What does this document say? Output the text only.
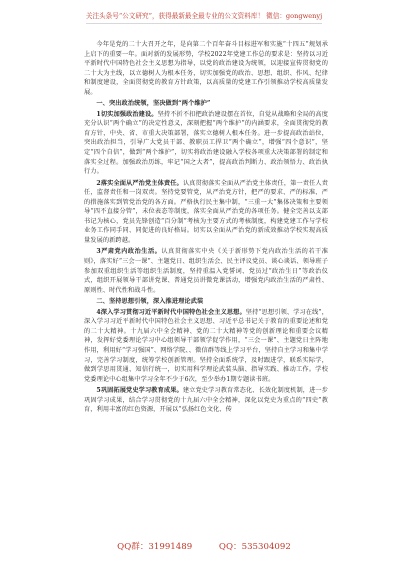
关注头条号“公文研究”，获得最新最全最专业的公文资料库！ 微信：gongwenyj

今年是党的二十大召开之年，是向第二个百年奋斗目标进军和实施“十四五”规划承上启下的重要一年。面对新的发展形势，学校2022年党建工作总的要求是：坚持以习近平新时代中国特色社会主义思想为指导，以党的政治建设为统领，以迎接宣传贯彻党的二十大为主线，以立德树人为根本任务，切实加强党的政治、思想、组织、作风、纪律和制度建设，全面贯彻党的教育方针政策，以高质量的党建工作引领推动学校高质量发展。

一、突出政治统领，坚决做到“两个维护”

1切实加强政治建设。坚持不折不扣把政治建设摆在首位，自觉从战略和全局的高度充分认识“两个确立”的决定性意义，深刻把握“两个维护”的内涵要求，全面贯彻党的教育方针，中央、省、市重大决策部署，落实立德树人根本任务。进一步提高政治站位，突出政治担当，引导广大党员干部、教职员工捍卫“两个确立”，增强“四个意识”，坚定“四个自信”，做到“两个维护”，切实将政治建设融入学校各项重大决策部署的制定和落实全过程。加强政治历练，牢记“国之大者”，提高政治判断力、政治领悟力、政治执行力。

2落实全面从严治党主体责任。认真贯彻落实全面从严治党主体责任，第一责任人责任，监督责任和一岗双责。坚持党要管党，从严治党方针，把严的要求、严的标准、严的措施落实到管党治党的各方面。严格执行民主集中制，“三重一大”集体决策和主要领导“四不直接分管”，未位表态等制度，落实全面从严治党的各项任务。健全完善以支部书记为核心，党员先锋创造“百分制”考核为主要方式的考核制度，构建党建工作与学校业务工作同手同、同促进的良好格局。切实以全面从严治党的新成效推动学校实现高质量发展的新跨越。

3严肃党内政治生活。认真贯彻落实中央《关于新形势下党内政治生活的若干准则》，落实好“三会一课”、主题党日、组织生活会、民主评议党员、谈心谈话、领导班子参加双重组织生活等组织生活制度，坚持重温入党誓词、党员过“政治生日”等政治仪式，组织开展领导干部讲党课、普通党员讲微党课活动，增强党内政治生活的严肃性、原则性、时代性和战斗性。

二、坚持思想引领，深入推进理论武装

4深入学习贯彻习近平新时代中国特色社会主义思想。坚持“思想引领、学习在线”，深入学习习近平新时代中国特色社会主义思想、习近平总书记关于教育的重要论述和党的二十大精神。十九届六中全会精神、党的二十大精神等党的创新理论和重要会议精神，发挥好党委理论学习中心组领导干部领学促学作用，“三会一课”、主题党日主阵地作用，利用好“学习强国”、网络学院、、微信群等线上学习平台，坚持自主学习和集中学习，完善学习制度，统筹学校创新管理。坚持全面系统学，及时跟进学，联系实际学，做到学思用贯通、知信行统一，切实用科学理论武装头脑、指导实践、推动工作。学校党委理论中心组集中学习全年不少于6次，至少举办1期专题读书班。

5巩固拓展党史学习教育成果。建立党史学习教育常态化、长效化制度机制，进一步巩固学习成果，结合学习贯彻党的十九届六中全会精神，深化以党史为重点的“四史”教育，利用丰富的红色资源，开展以“弘扬红色文化、传

QQ群：31991489	QQ：535304092
